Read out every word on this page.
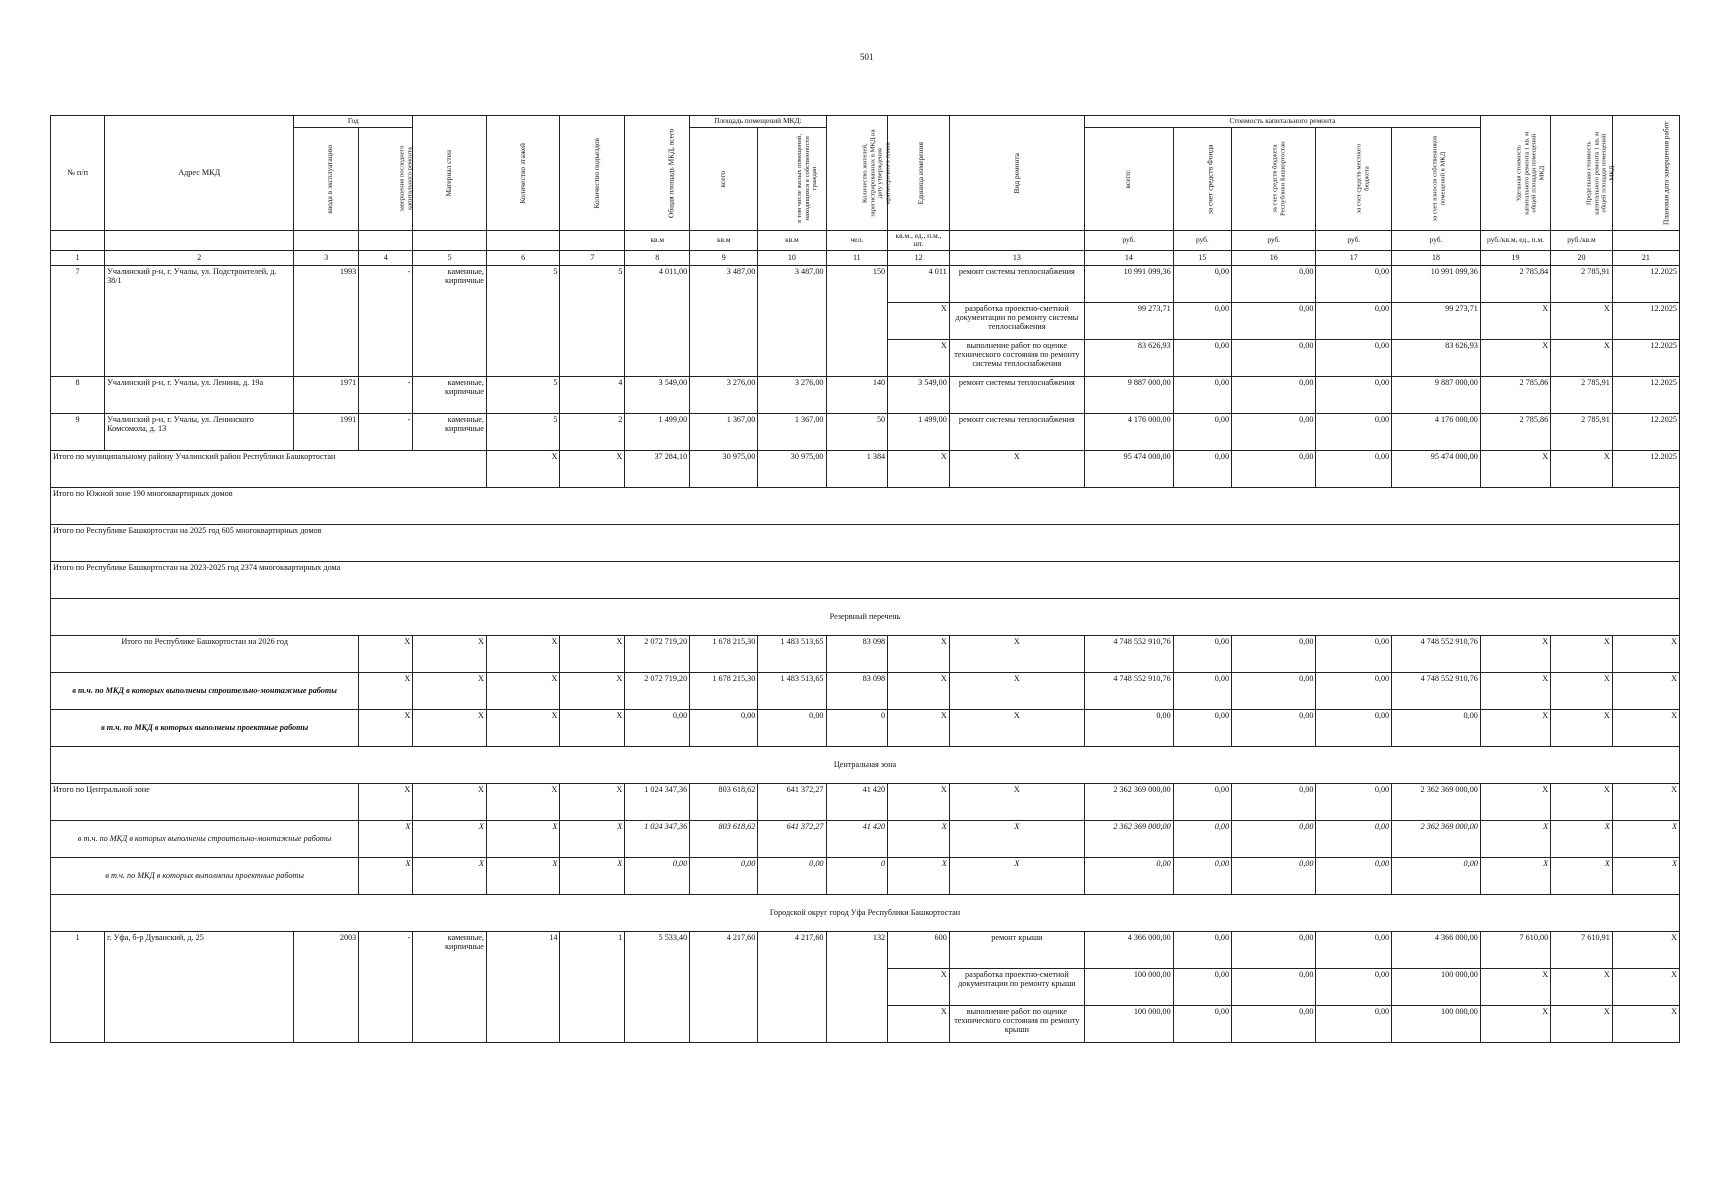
501
№ п/п	Адрес МКД	Год		Материал стен	Количество этажей	Количество подъездов	Общая площадь МКД, всего	Площадь помещений МКД:		Количество жителей, зарегистрированных в МКД на дату утверждения краткосрочного плана	Единица измерения	Вид ремонта	Стоимость капитального ремонта					Удельная стоимость капитального ремонта 1 кв. м общей площади помещений МКД	Предельная стоимость капитального ремонта 1 кв. м общей площади помещений МКД	Плановая дата завершения работ
		ввода в эксплуатацию	завершения последнего капитального ремонта					всего	в том числе жилых помещений, находящихся в собственности граждан				всего:	за счет средств Фонда	за счет средств бюджета Республики Башкортостан	за счет средств местного бюджета	за счет взносов собственников помещений в МКД			
							кв.м	кв.м	кв.м	чел.	кв.м., ед., п.м., шт.		руб.	руб.	руб.	руб.	руб.	руб./кв.м, ед., п.м.	руб./кв.м	
1	2	3	4	5	6	7	8	9	10	11	12	13	14	15	16	17	18	19	20	21
7	Учалинский р-н, г. Учалы, ул. Подстроителей, д. 38/1	1993	-	каменные, кирпичные	5	5	4 011,00	3 487,00	3 487,00	150	4 011	ремонт системы теплоснабжения	10 991 099,36	0,00	0,00	0,00	10 991 099,36	2 785,84	2 785,91	12.2025
											X	разработка проектно-сметной документации по ремонту системы теплоснабжения	99 273,71	0,00	0,00	0,00	99 273,71	X	X	12.2025
											X	выполнение работ по оценке технического состояния по ремонту системы теплоснабжения	83 626,93	0,00	0,00	0,00	83 626,93	X	X	12.2025
8	Учалинский р-н, г. Учалы, ул. Ленина, д. 19а	1971	-	каменные, кирпичные	5	4	3 549,00	3 276,00	3 276,00	140	3 549,00	ремонт системы теплоснабжения	9 887 000,00	0,00	0,00	0,00	9 887 000,00	2 785,86	2 785,91	12.2025
9	Учалинский р-н, г. Учалы, ул. Ленинского Комсомола, д. 13	1991	-	каменные, кирпичные	5	2	1 499,00	1 367,00	1 367,00	50	1 499,00	ремонт системы теплоснабжения	4 176 000,00	0,00	0,00	0,00	4 176 000,00	2 785,86	2 785,91	12.2025
Итого по муниципальному району Учалинский район Республики Башкортостан					X	X	37 284,10	30 975,00	30 975,00	1 384	X	X	95 474 000,00	0,00	0,00	0,00	95 474 000,00	X	X	12.2025
Итого по Южной зоне 190 многоквартирных домов																				
Итого по Республике Башкортостан на 2025 год 605 многоквартирных домов																				
Итого по Республике Башкортостан на 2023-2025 год 2374 многоквартирных дома																				
Резервный перечень																				
Итого по Республике Башкортостан на 2026 год			X	X	X	X	2 072 719,20	1 678 215,30	1 483 513,65	83 098	X	X	4 748 552 910,76	0,00	0,00	0,00	4 748 552 910,76	X	X	X
в т.ч. по МКД в которых выполнены строительно-монтажные работы			X	X	X	X	2 072 719,20	1 678 215,30	1 483 513,65	83 098	X	X	4 748 552 910,76	0,00	0,00	0,00	4 748 552 910,76	X	X	X
в т.ч. по МКД в которых выполнены проектные работы			X	X	X	X	0,00	0,00	0,00	0	X	X	0,00	0,00	0,00	0,00	0,00	X	X	X
Центральная зона																				
Итого по Центральной зоне			X	X	X	X	1 024 347,36	803 618,62	641 372,27	41 420	X	X	2 362 369 000,00	0,00	0,00	0,00	2 362 369 000,00	X	X	X
в т.ч. по МКД в которых выполнены строительно-монтажные работы			X	X	X	X	1 024 347,36	803 618,62	641 372,27	41 420	X	X	2 362 369 000,00	0,00	0,00	0,00	2 362 369 000,00	X	X	X
в т.ч. по МКД в которых выполнены проектные работы			X	X	X	X	0,00	0,00	0,00	0	X	X	0,00	0,00	0,00	0,00	0,00	X	X	X
Городской округ город Уфа Республики Башкортостан																				
1	г. Уфа, б-р Дуванский, д. 25	2003	-	каменные, кирпичные	14	1	5 533,40	4 217,60	4 217,60	132	600	ремонт крыши	4 366 000,00	0,00	0,00	0,00	4 366 000,00	7 610,00	7 610,91	X
											X	разработка проектно-сметной документации по ремонту крыши	100 000,00	0,00	0,00	0,00	100 000,00	X	X	X
											X	выполнение работ по оценке технического состояния по ремонту крыши	100 000,00	0,00	0,00	0,00	100 000,00	X	X	X
